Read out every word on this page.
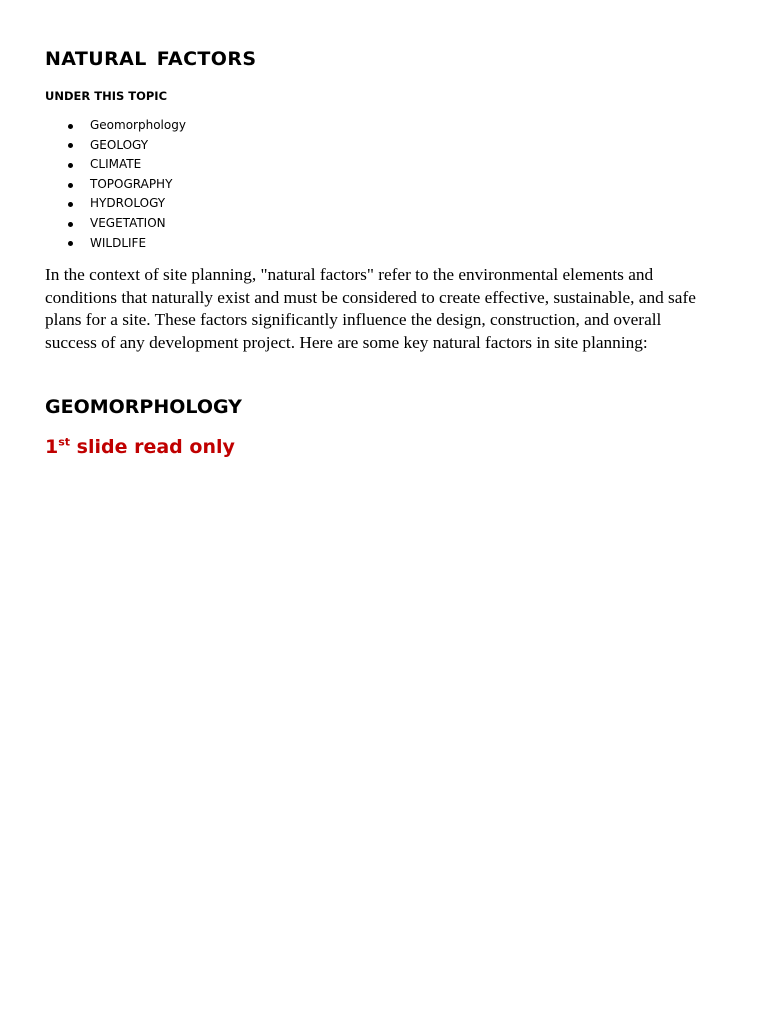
NATURAL FACTORS
UNDER THIS TOPIC
Geomorphology
GEOLOGY
CLIMATE
TOPOGRAPHY
HYDROLOGY
VEGETATION
WILDLIFE

In the context of site planning, "natural factors" refer to the environmental elements and conditions that naturally exist and must be considered to create effective, sustainable, and safe plans for a site. These factors significantly influence the design, construction, and overall success of any development project. Here are some key natural factors in site planning:

GEOMORPHOLOGY

1st slide read only
